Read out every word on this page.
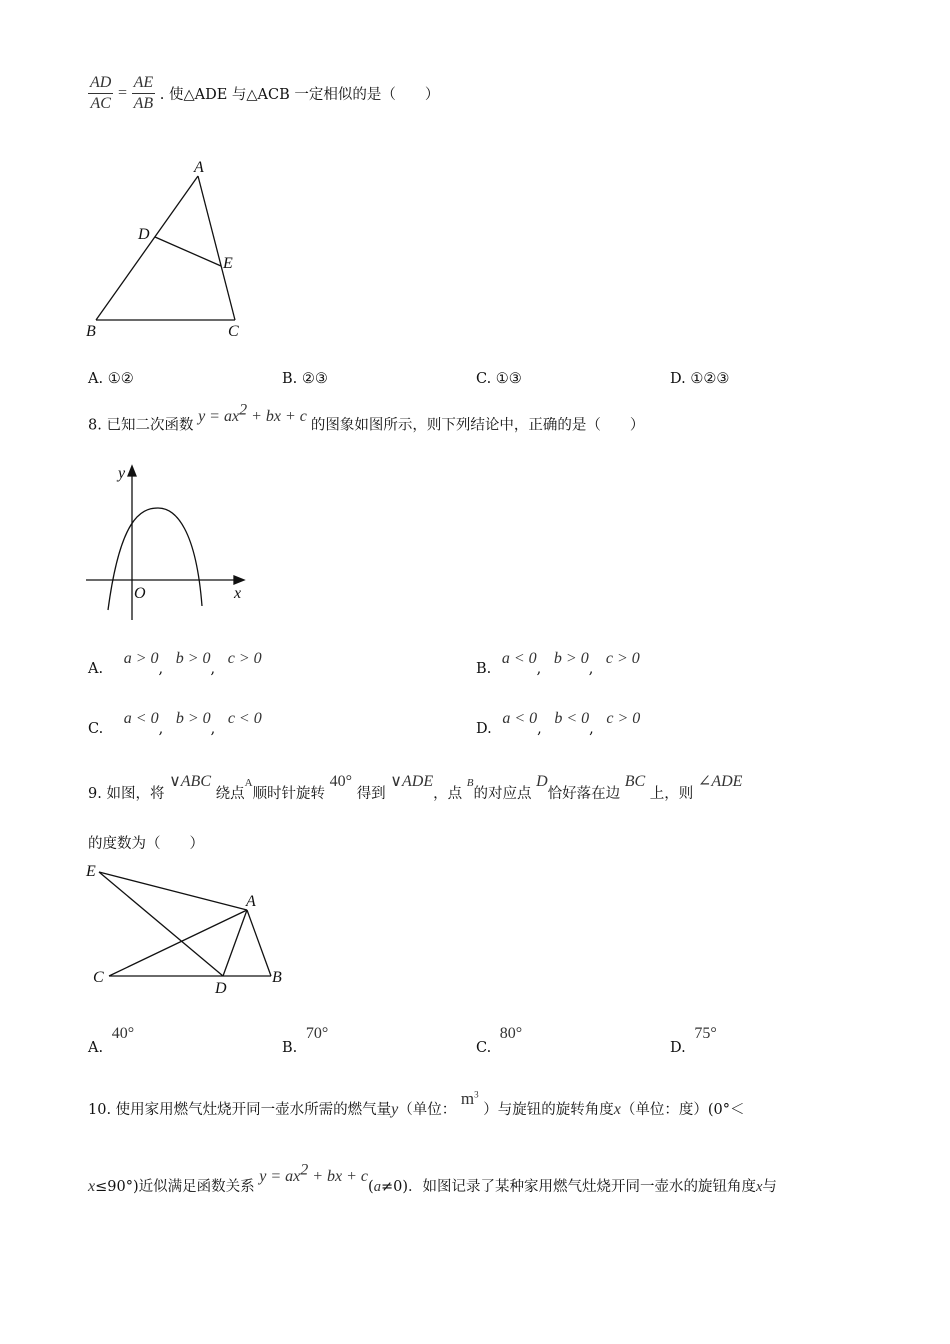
$\frac{AD}{AC} = \frac{AE}{AB}$ . 使△ADE 与△ACB 一定相似的是（　　）
A
D
E
B	C
A. ①②	B. ②③	C. ①③	D. ①②③
8. 已知二次函数 $y = ax^2$ + bx + c 的图象如图所示，则下列结论中，正确的是（　　）
y
x
O
A. a > 0, b > 0, c > 0
B. a < 0, b > 0, c > 0
C. a < 0, b > 0, c < 0
D. a < 0, b < 0, c > 0
9. 如图，将 ∨ABC 绕点A顺时针旋转 40° 得到 ∨ADE，点 B的对应点 D恰好落在边 BC 上，则 ∠ADE
的度数为（　　）
E
A
C
D
B
A. 40°
B. 70°
C. 80°
D. 75°
10. 使用家用燃气灶烧开同一壶水所需的燃气量y（单位： $m^3$ ）与旋钮的旋转角度x（单位：度）(0°＜
x≤90°)近似满足函数关系 $y = ax^2$ + bx + c(a≠0)．如图记录了某种家用燃气灶烧开同一壶水的旋钮角度x与
